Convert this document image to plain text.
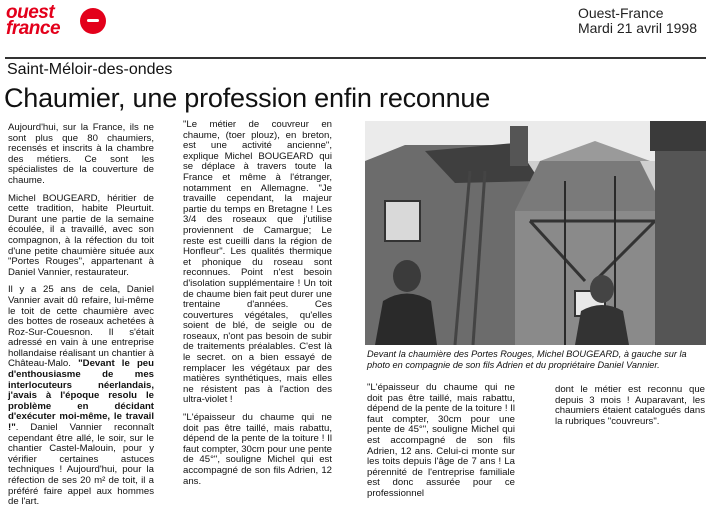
ouest
france
Ouest-France
Mardi 21 avril 1998
Saint-Méloir-des-ondes
Chaumier, une profession enfin reconnue

Aujourd'hui, sur la France, ils ne sont plus que 80 chaumiers, recensés et inscrits à la chambre des métiers. Ce sont les spécialistes de la couverture de chaume.

Michel BOUGEARD, héritier de cette tradition, habite Pleurtuit. Durant une partie de la semaine écoulée, il a travaillé, avec son compagnon, à la réfection du toit d'une petite chaumière située aux "Portes Rouges", appartenant à Daniel Vannier, restaurateur.

Il y a 25 ans de cela, Daniel Vannier avait dû refaire, lui-même le toit de cette chaumière avec des bottes de roseaux achetées à Roz-Sur-Couesnon. Il s'était adressé en vain à une entreprise hollandaise réalisant un chantier à Château-Malo. "Devant le peu d'enthousiasme de mes interlocuteurs néerlandais, j'avais à l'époque resolu le problème en décidant d'exécuter moi-même, le travail !". Daniel Vannier reconnaît cependant être allé, le soir, sur le chantier Castel-Malouin, pour y vérifier certaines astuces techniques ! Aujourd'hui, pour la réfection de ses 20 m² de toit, il a préféré faire appel aux hommes de l'art.

"Le métier de couvreur en chaume, (toer plouz), en breton, est une activité ancienne", explique Michel BOUGEARD qui se déplace à travers toute la France et même à l'étranger, notamment en Allemagne. "Je travaille cependant, la majeur partie du temps en Bretagne ! Les 3/4 des roseaux que j'utilise proviennent de Camargue; Le reste est cueilli dans la région de Honfleur". Les qualités thermique et phonique du roseau sont reconnues. Point n'est besoin d'isolation supplémentaire ! Un toit de chaume bien fait peut durer une trentaine d'années. Ces couvertures végétales, qu'elles soient de blé, de seigle ou de roseaux, n'ont pas besoin de subir de traitements préalables. C'est là le secret. on a bien essayé de remplacer les végétaux par des matières synthétiques, mais elles ne résistent pas à l'action des ultra-violet !

"L'épaisseur du chaume qui ne doit pas être taillé, mais rabattu, dépend de la pente de la toiture ! Il faut compter, 30cm pour une pente de 45°", souligne Michel qui est accompagné de son fils Adrien, 12 ans.

Devant la chaumière des Portes Rouges, Michel BOUGEARD, à gauche sur la photo en compagnie de son fils Adrien et du propriétaire Daniel Vannier.

"L'épaisseur du chaume qui ne doit pas être taillé, mais rabattu, dépend de la pente de la toiture ! Il faut compter, 30cm pour une pente de 45°", souligne Michel qui est accompagné de son fils Adrien, 12 ans. Celui-ci monte sur les toits depuis l'âge de 7 ans ! La pérennité de l'entreprise familiale est donc assurée pour ce professionnel

dont le métier est reconnu que depuis 3 mois ! Auparavant, les chaumiers étaient catalogués dans la rubriques "couvreurs".
